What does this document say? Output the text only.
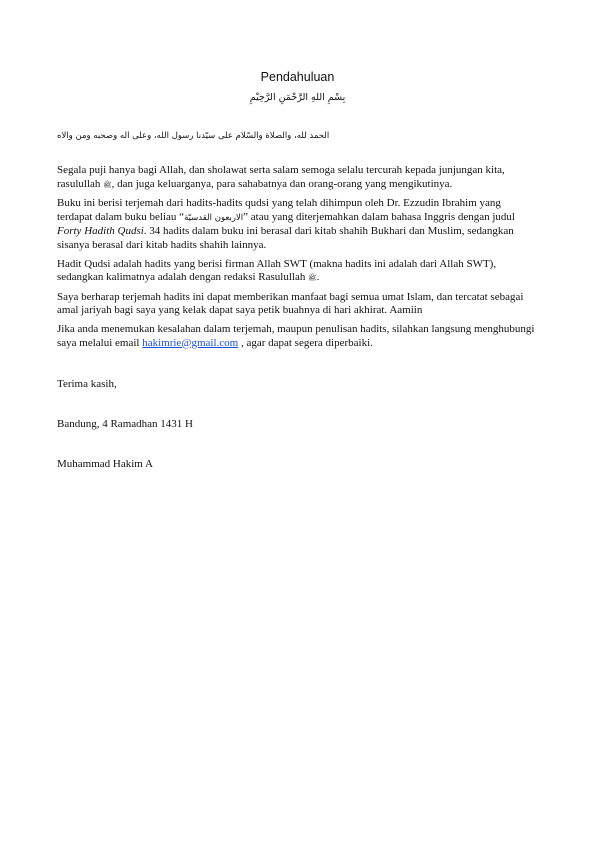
Pendahuluan
بِسْمِ اللهِ الرَّحْمَنِ الرَّحِيْمِ
الحمد لله، والصلاة والسّلام على سيّدنا رسول الله، وعلى اله وصحبه ومن والاه

Segala puji hanya bagi Allah, dan sholawat serta salam semoga selalu tercurah kepada junjungan kita, rasulullah ﷺ, dan juga keluarganya, para sahabatnya dan orang-orang yang mengikutinya.

Buku ini berisi terjemah dari hadits-hadits qudsi yang telah dihimpun oleh Dr. Ezzudin Ibrahim yang terdapat dalam buku beliau “الاربعون القدسيّة” atau yang diterjemahkan dalam bahasa Inggris dengan judul Forty Hadith Qudsi. 34 hadits dalam buku ini berasal dari kitab shahih Bukhari dan Muslim, sedangkan sisanya berasal dari kitab hadits shahih lainnya.

Hadit Qudsi adalah hadits yang berisi firman Allah SWT (makna hadits ini adalah dari Allah SWT), sedangkan kalimatnya adalah dengan redaksi Rasulullah ﷺ.

Saya berharap terjemah hadits ini dapat memberikan manfaat bagi semua umat Islam, dan tercatat sebagai amal jariyah bagi saya yang kelak dapat saya petik buahnya di hari akhirat. Aamiin

Jika anda menemukan kesalahan dalam terjemah, maupun penulisan hadits, silahkan langsung menghubungi saya melalui email hakimrie@gmail.com , agar dapat segera diperbaiki.

Terima kasih,
Bandung, 4 Ramadhan 1431 H
Muhammad Hakim A
